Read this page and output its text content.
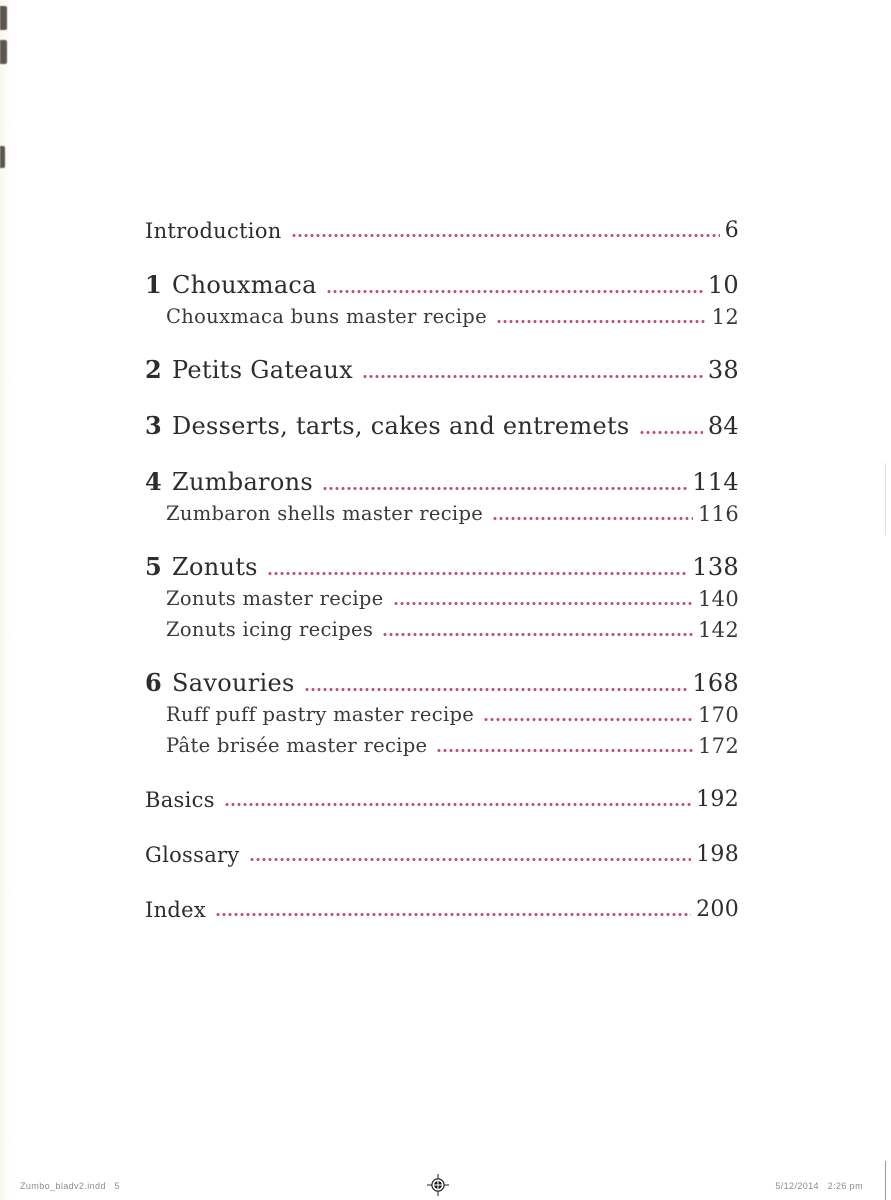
Introduction	6
1 Chouxmaca	10
Chouxmaca buns master recipe	12
2 Petits Gateaux	38
3 Desserts, tarts, cakes and entremets	84
4 Zumbarons	114
Zumbaron shells master recipe	116
5 Zonuts	138
Zonuts master recipe	140
Zonuts icing recipes	142
6 Savouries	168
Ruff puff pastry master recipe	170
Pâte brisée master recipe	172
Basics	192
Glossary	198
Index	200
Zumbo_bladv2.indd   5	5/12/2014   2:26 pm
